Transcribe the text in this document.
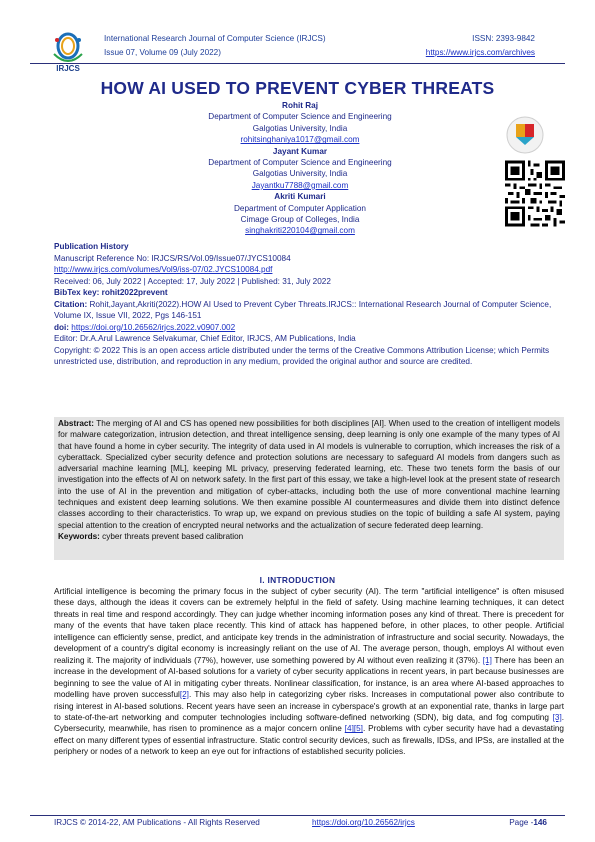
IRJCS
International Research Journal of Computer Science (IRJCS)
Issue 07, Volume 09 (July 2022)
ISSN: 2393-9842
https://www.irjcs.com/archives
HOW AI USED TO PREVENT CYBER THREATS
Rohit Raj
Department of Computer Science and Engineering
Galgotias University, India
rohitsinghaniya1017@gmail.com
Jayant Kumar
Department of Computer Science and Engineering
Galgotias University, India
Jayantku7788@gmail.com
Akriti Kumari
Department of Computer Application
Cimage Group of Colleges, India
singhakriti220104@gmail.com
Publication History
Manuscript Reference No: IRJCS/RS/Vol.09/Issue07/JYCS10084
http://www.irjcs.com/volumes/Vol9/iss-07/02.JYCS10084.pdf
Received: 06, July 2022 | Accepted: 17, July 2022 | Published: 31, July 2022
BibTex key: rohit2022prevent
Citation: Rohit,Jayant,Akriti(2022).HOW AI Used to Prevent Cyber Threats.IRJCS:: International Research Journal of Computer Science, Volume IX, Issue VII, 2022, Pgs 146-151
doi: https://doi.org/10.26562/irjcs.2022.v0907.002
Editor: Dr.A.Arul Lawrence Selvakumar, Chief Editor, IRJCS, AM Publications, India
Copyright: © 2022 This is an open access article distributed under the terms of the Creative Commons Attribution License; which Permits unrestricted use, distribution, and reproduction in any medium, provided the original author and source are credited.
Abstract: The merging of AI and CS has opened new possibilities for both disciplines [AI]. When used to the creation of intelligent models for malware categorization, intrusion detection, and threat intelligence sensing, deep learning is only one example of the many types of AI that have found a home in cyber security. The integrity of data used in AI models is vulnerable to corruption, which increases the risk of a cyberattack. Specialized cyber security defence and protection solutions are necessary to safeguard AI models from dangers such as adversarial machine learning [ML], keeping ML privacy, preserving federated learning, etc. These two tenets form the basis of our investigation into the effects of AI on network safety. In the first part of this essay, we take a high-level look at the present state of research into the use of AI in the prevention and mitigation of cyber-attacks, including both the use of more conventional machine learning techniques and existent deep learning solutions. We then examine possible AI countermeasures and divide them into distinct defence classes according to their characteristics. To wrap up, we expand on previous studies on the topic of building a safe AI system, paying special attention to the creation of encrypted neural networks and the actualization of secure federated deep learning.
Keywords: cyber threats prevent based calibration
I. INTRODUCTION
Artificial intelligence is becoming the primary focus in the subject of cyber security (AI). The term "artificial intelligence" is often misused these days, although the ideas it covers can be extremely helpful in the field of safety. Using machine learning techniques, it can detect threats in real time and respond accordingly. They can judge whether incoming information poses any kind of threat. There is precedent for many of the events that have taken place recently. This kind of attack has happened before, in other places, to other people. Artificial intelligence can efficiently sense, predict, and anticipate key trends in the administration of infrastructure and social security. Nowadays, the development of a country's digital economy is increasingly reliant on the use of AI. The average person, though, employs AI without even realizing it. The majority of individuals (77%), however, use something powered by AI without even realizing it (37%). [1] There has been an increase in the development of AI-based solutions for a variety of cyber security applications in recent years, in part because businesses are beginning to see the value of AI in mitigating cyber threats. Nonlinear classification, for instance, is an area where AI-based approaches to modelling have proven successful[2]. This may also help in categorizing cyber risks. Increases in computational power also contribute to rising interest in AI-based solutions. Recent years have seen an increase in cyberspace's growth at an exponential rate, thanks in large part to state-of-the-art networking and computer technologies including software-defined networking (SDN), big data, and fog computing [3]. Cybersecurity, meanwhile, has risen to prominence as a major concern online [4][5]. Problems with cyber security have had a devastating effect on many different types of essential infrastructure. Static control security devices, such as firewalls, IDSs, and IPSs, are installed at the periphery or nodes of a network to keep an eye out for infractions of established security policies.
IRJCS © 2014-22, AM Publications - All Rights Reserved	https://doi.org/10.26562/irjcs	Page -146
